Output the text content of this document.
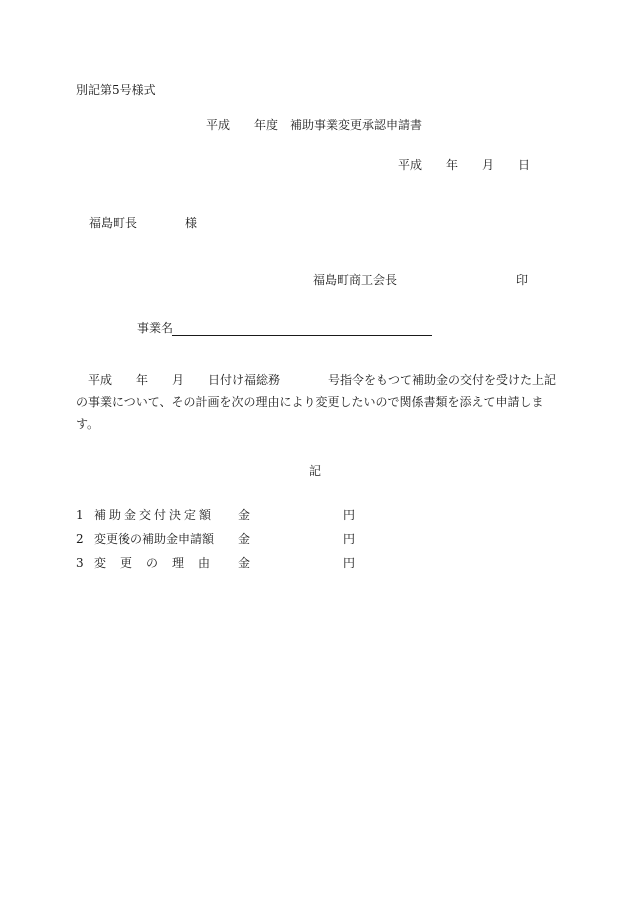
別記第5号様式
平成　　年度　補助事業変更承認申請書
平成　　年　　月　　日
福島町長　　　　様
福島町商工会長	印
事業名

　平成　　年　　月　　日付け福総務　　　　号指令をもつて補助金の交付を受けた上記の事業について、その計画を次の理由により変更したいので関係書類を添えて申請します。

記
1 補助金交付決定額 金	円
2 変更後の補助金申請額 金	円
3 変更の理由 金	円
